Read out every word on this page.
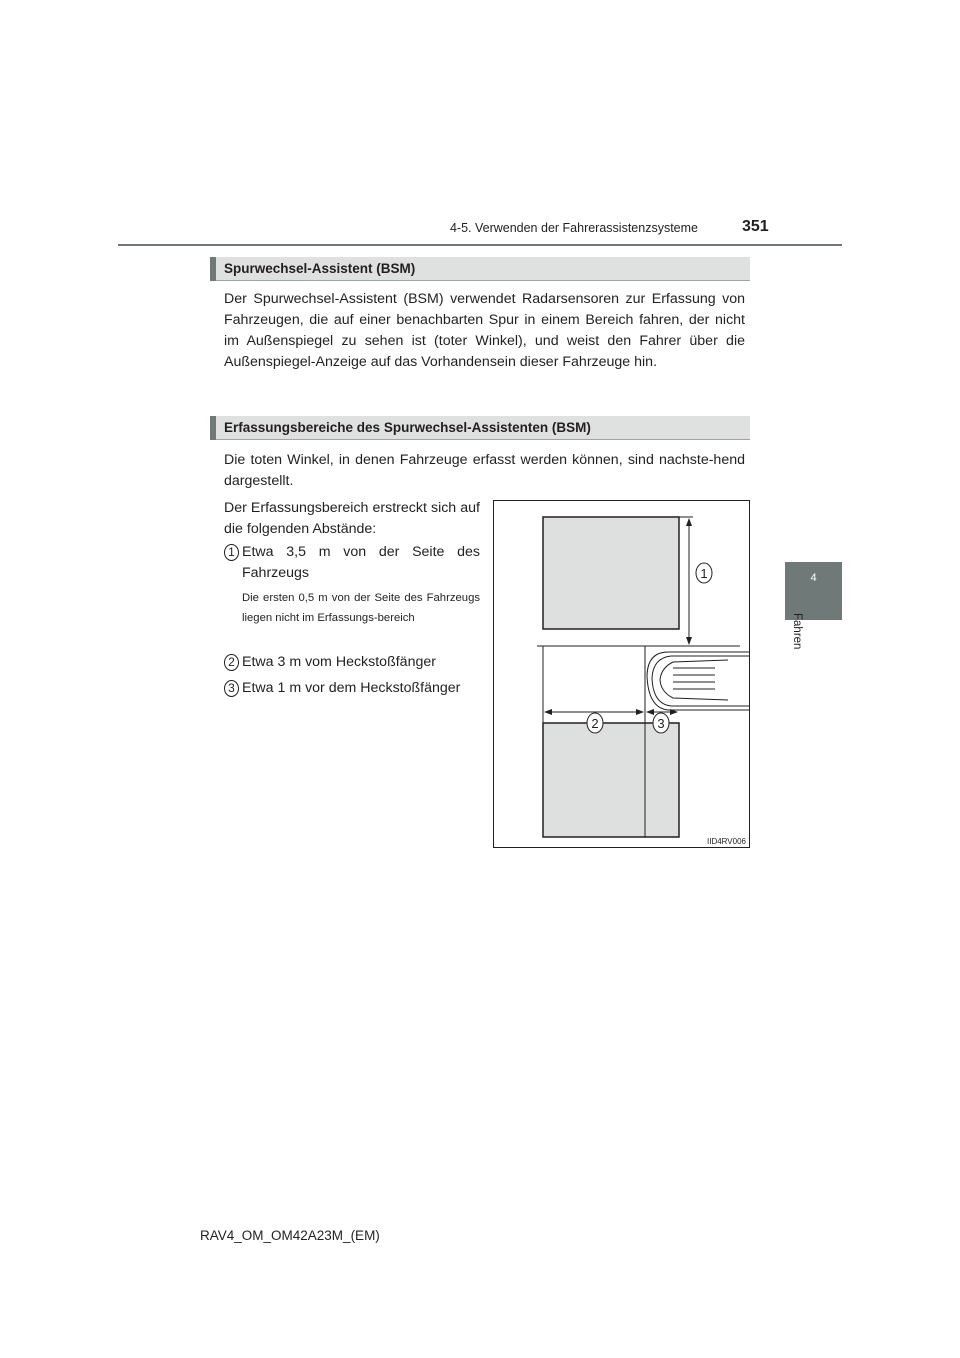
4-5. Verwenden der Fahrerassistenzsysteme	351
4
Fahren
Spurwechsel-Assistent (BSM)
Der Spurwechsel-Assistent (BSM) verwendet Radarsensoren zur Erfassung von Fahrzeugen, die auf einer benachbarten Spur in einem Bereich fahren, der nicht im Außenspiegel zu sehen ist (toter Winkel), und weist den Fahrer über die Außenspiegel-Anzeige auf das Vorhandensein dieser Fahrzeuge hin.
Erfassungsbereiche des Spurwechsel-Assistenten (BSM)
Die toten Winkel, in denen Fahrzeuge erfasst werden können, sind nachste-hend dargestellt.
Der Erfassungsbereich erstreckt sich auf die folgenden Abstände:
1 Etwa 3,5 m von der Seite des Fahrzeugs
Die ersten 0,5 m von der Seite des Fahrzeugs liegen nicht im Erfassungs-bereich
2 Etwa 3 m vom Heckstoßfänger
3 Etwa 1 m vor dem Heckstoßfänger
1
2	3
IID4RV006
RAV4_OM_OM42A23M_(EM)
